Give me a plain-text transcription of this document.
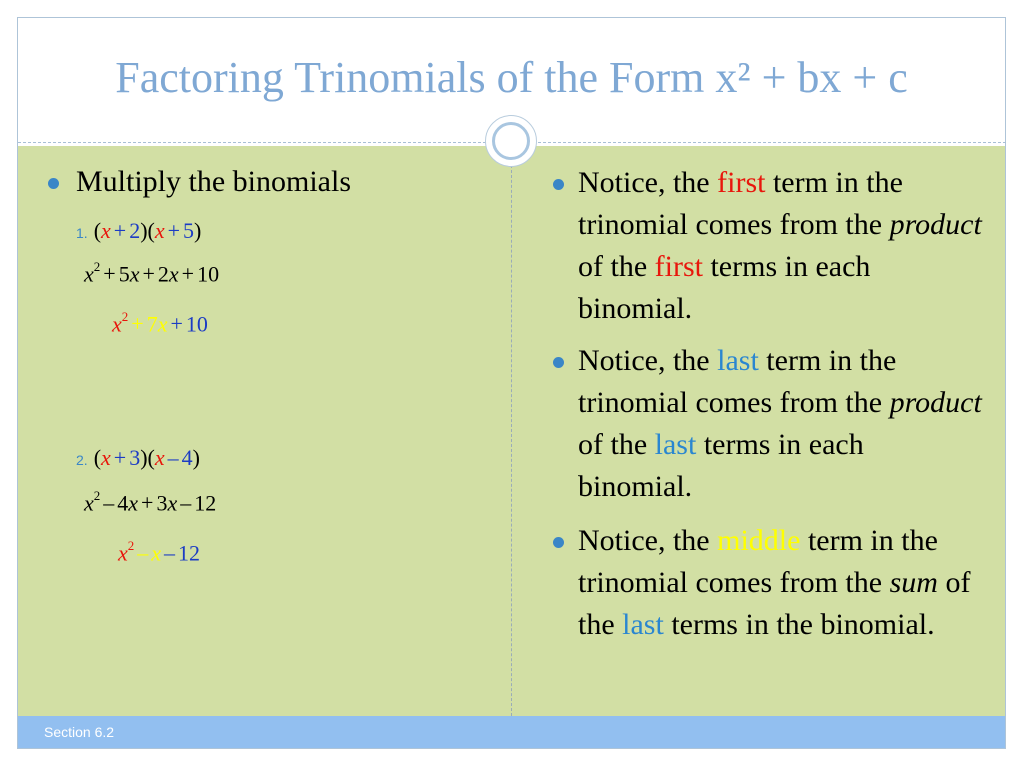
Factoring Trinomials of the Form x² + bx + c
Multiply the binomials
1. (x + 2)(x + 5)
$x^2 + 5x + 2x + 10$
$x^2 + 7x + 10$
2. (x + 3)(x – 4)
$x^2 - 4x + 3x - 12$
$x^2$ – x – 12
Notice, the first term in the trinomial comes from the product of the first terms in each binomial.
Notice, the last term in the trinomial comes from the product of the last terms in each binomial.
Notice, the middle term in the trinomial comes from the sum of the last terms in the binomial.
Section 6.2
